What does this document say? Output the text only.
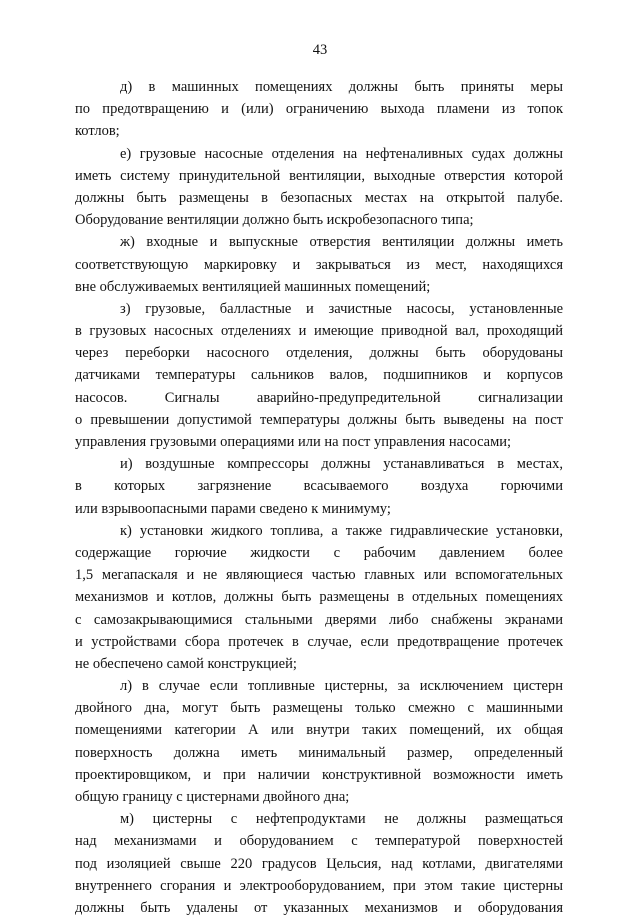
43
д) в машинных помещениях должны быть приняты меры
по предотвращению и (или) ограничению выхода пламени из топок
котлов;
е) грузовые насосные отделения на нефтеналивных судах должны
иметь систему принудительной вентиляции, выходные отверстия которой
должны быть размещены в безопасных местах на открытой палубе.
Оборудование вентиляции должно быть искробезопасного типа;
ж) входные и выпускные отверстия вентиляции должны иметь
соответствующую маркировку и закрываться из мест, находящихся
вне обслуживаемых вентиляцией машинных помещений;
з) грузовые, балластные и зачистные насосы, установленные
в грузовых насосных отделениях и имеющие приводной вал, проходящий
через переборки насосного отделения, должны быть оборудованы
датчиками температуры сальников валов, подшипников и корпусов
насосов. Сигналы аварийно-предупредительной сигнализации
о превышении допустимой температуры должны быть выведены на пост
управления грузовыми операциями или на пост управления насосами;
и) воздушные компрессоры должны устанавливаться в местах,
в которых загрязнение всасываемого воздуха горючими
или взрывоопасными парами сведено к минимуму;
к) установки жидкого топлива, а также гидравлические установки,
содержащие горючие жидкости с рабочим давлением более
1,5 мегапаскаля и не являющиеся частью главных или вспомогательных
механизмов и котлов, должны быть размещены в отдельных помещениях
с самозакрывающимися стальными дверями либо снабжены экранами
и устройствами сбора протечек в случае, если предотвращение протечек
не обеспечено самой конструкцией;
л) в случае если топливные цистерны, за исключением цистерн
двойного дна, могут быть размещены только смежно с машинными
помещениями категории А или внутри таких помещений, их общая
поверхность должна иметь минимальный размер, определенный
проектировщиком, и при наличии конструктивной возможности иметь
общую границу с цистернами двойного дна;
м) цистерны с нефтепродуктами не должны размещаться
над механизмами и оборудованием с температурой поверхностей
под изоляцией свыше 220 градусов Цельсия, над котлами, двигателями
внутреннего сгорания и электрооборудованием, при этом такие цистерны
должны быть удалены от указанных механизмов и оборудования
